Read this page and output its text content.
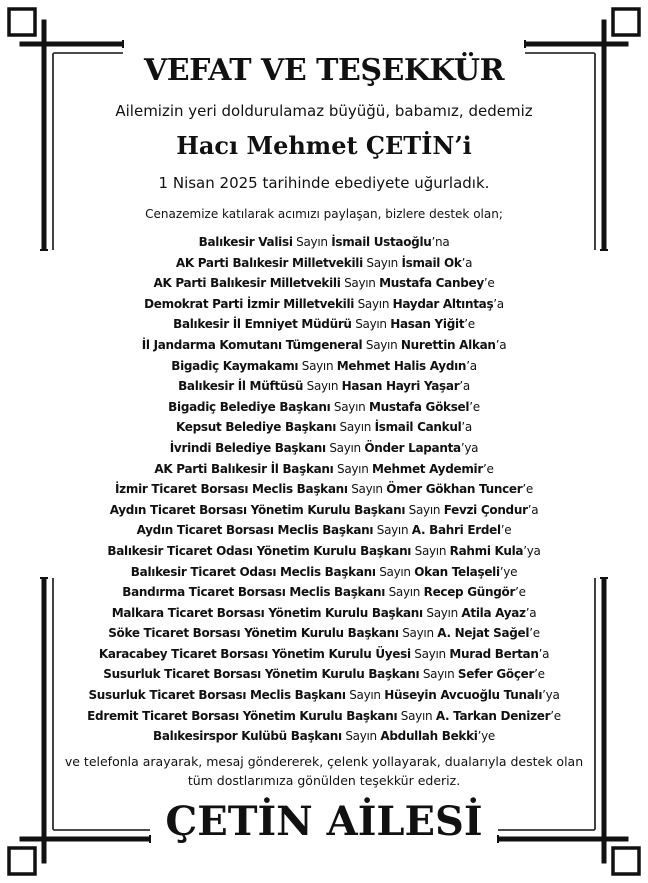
VEFAT VE TEŞEKKÜR
Ailemizin yeri doldurulamaz büyüğü, babamız, dedemiz
Hacı Mehmet ÇETİN’i
1 Nisan 2025 tarihinde ebediyete uğurladık.
Cenazemize katılarak acımızı paylaşan, bizlere destek olan;
Balıkesir Valisi Sayın İsmail Ustaoğlu’na
AK Parti Balıkesir Milletvekili Sayın İsmail Ok’a
AK Parti Balıkesir Milletvekili Sayın Mustafa Canbey’e
Demokrat Parti İzmir Milletvekili Sayın Haydar Altıntaş’a
Balıkesir İl Emniyet Müdürü Sayın Hasan Yiğit’e
İl Jandarma Komutanı Tümgeneral Sayın Nurettin Alkan’a
Bigadiç Kaymakamı Sayın Mehmet Halis Aydın’a
Balıkesir İl Müftüsü Sayın Hasan Hayri Yaşar’a
Bigadiç Belediye Başkanı Sayın Mustafa Göksel’e
Kepsut Belediye Başkanı Sayın İsmail Cankul’a
İvrindi Belediye Başkanı Sayın Önder Lapanta’ya
AK Parti Balıkesir İl Başkanı Sayın Mehmet Aydemir’e
İzmir Ticaret Borsası Meclis Başkanı Sayın Ömer Gökhan Tuncer’e
Aydın Ticaret Borsası Yönetim Kurulu Başkanı Sayın Fevzi Çondur’a
Aydın Ticaret Borsası Meclis Başkanı Sayın A. Bahri Erdel’e
Balıkesir Ticaret Odası Yönetim Kurulu Başkanı Sayın Rahmi Kula’ya
Balıkesir Ticaret Odası Meclis Başkanı Sayın Okan Telaşeli’ye
Bandırma Ticaret Borsası Meclis Başkanı Sayın Recep Güngör’e
Malkara Ticaret Borsası Yönetim Kurulu Başkanı Sayın Atila Ayaz’a
Söke Ticaret Borsası Yönetim Kurulu Başkanı Sayın A. Nejat Sağel’e
Karacabey Ticaret Borsası Yönetim Kurulu Üyesi Sayın Murad Bertan’a
Susurluk Ticaret Borsası Yönetim Kurulu Başkanı Sayın Sefer Göçer’e
Susurluk Ticaret Borsası Meclis Başkanı Sayın Hüseyin Avcuoğlu Tunalı’ya
Edremit Ticaret Borsası Yönetim Kurulu Başkanı Sayın A. Tarkan Denizer’e
Balıkesirspor Kulübü Başkanı Sayın Abdullah Bekki’ye
ve telefonla arayarak, mesaj göndererek, çelenk yollayarak, dualarıyla destek olan
tüm dostlarımıza gönülden teşekkür ederiz.
ÇETİN AİLESİ
